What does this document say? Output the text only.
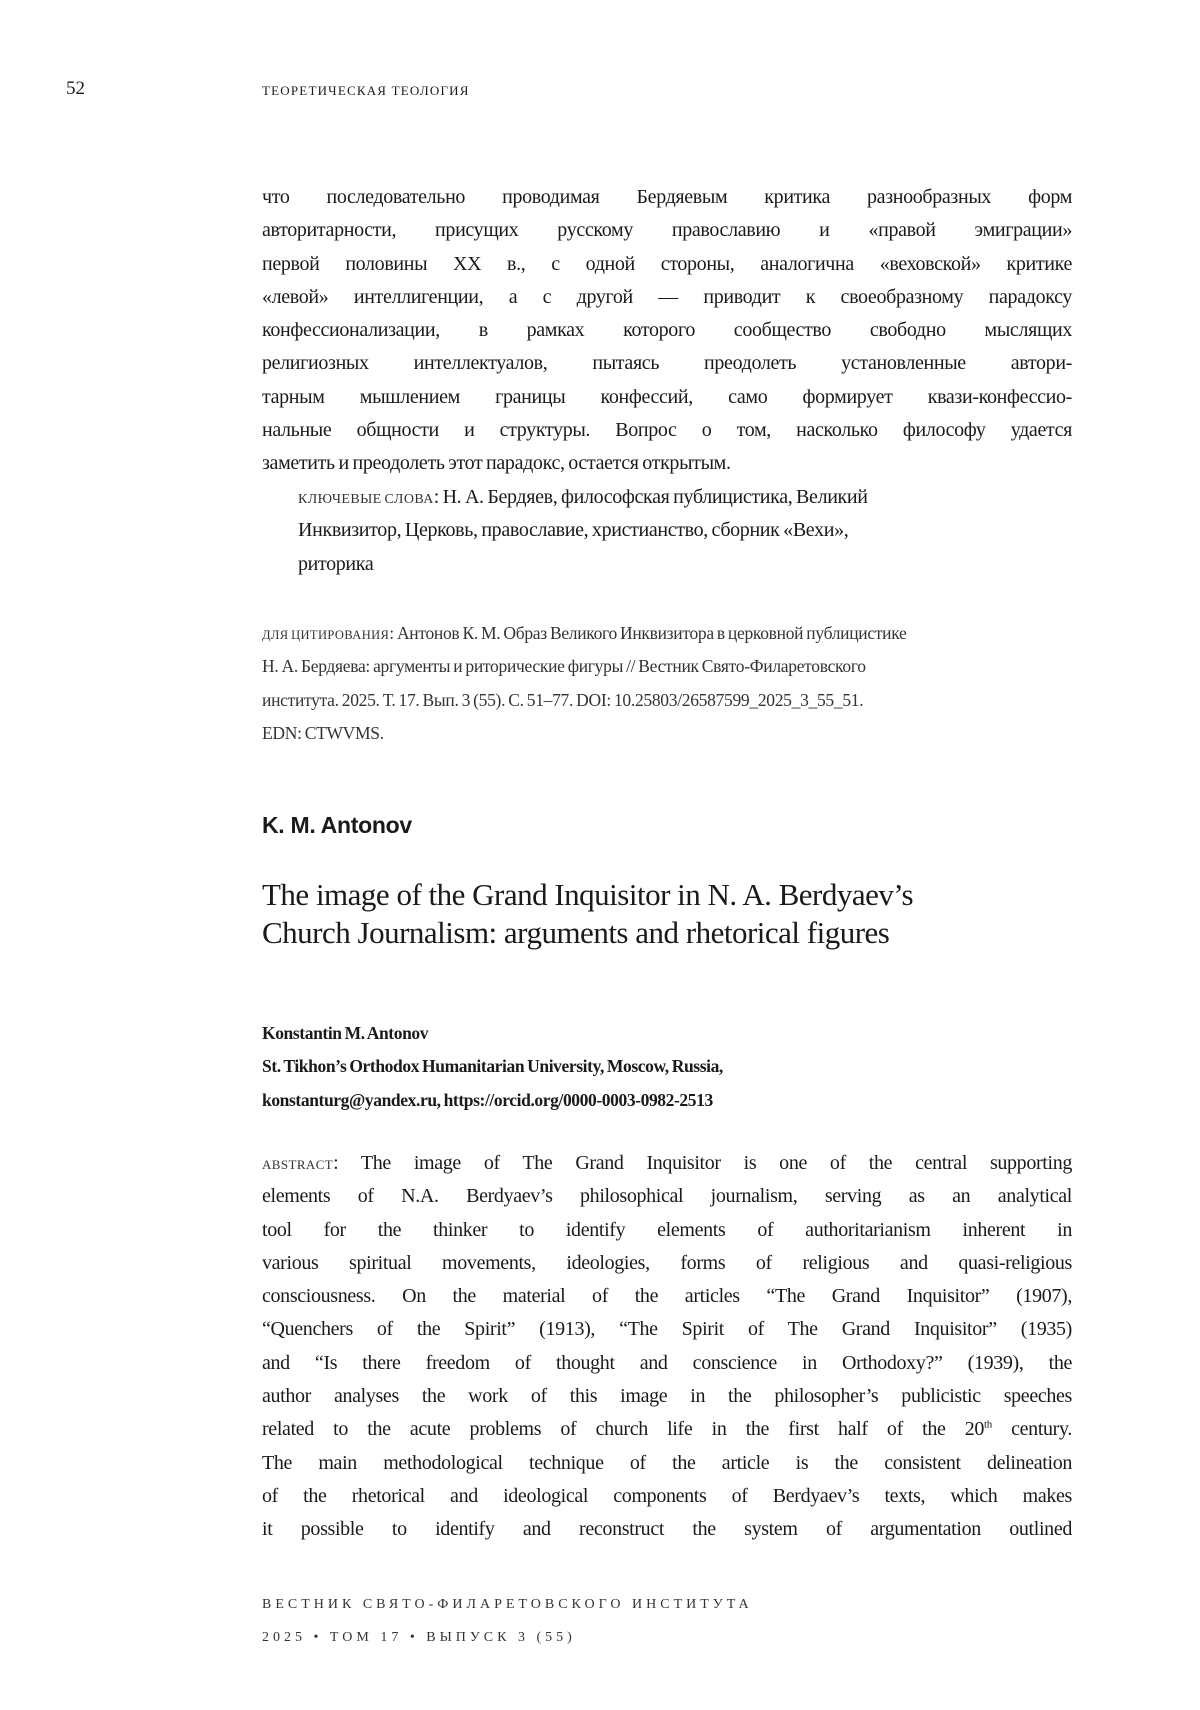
52	ТЕОРЕТИЧЕСКАЯ ТЕОЛОГИЯ
что последовательно проводимая Бердяевым критика разнообразных форм
авторитарности, присущих русскому православию и «правой эмиграции»
первой половины XX в., с одной стороны, аналогична «веховской» критике
«левой» интеллигенции, а с другой — приводит к своеобразному парадоксу
конфессионализации, в рамках которого сообщество свободно мыслящих
религиозных интеллектуалов, пытаясь преодолеть установленные автори-
тарным мышлением границы конфессий, само формирует квази-конфессио-
нальные общности и структуры. Вопрос о том, насколько философу удается
заметить и преодолеть этот парадокс, остается открытым.
КЛЮЧЕВЫЕ СЛОВА: Н. А. Бердяев, философская публицистика, Великий
Инквизитор, Церковь, православие, христианство, сборник «Вехи»,
риторика
ДЛЯ ЦИТИРОВАНИЯ: Антонов К. М. Образ Великого Инквизитора в церковной публицистике
Н. А. Бердяева: аргументы и риторические фигуры // Вестник Свято-Филаретовского
института. 2025. Т. 17. Вып. 3 (55). С. 51–77. DOI: 10.25803/26587599_2025_3_55_51.
EDN: CTWVMS.
K. M. Antonov
The image of the Grand Inquisitor in N. A. Berdyaev’s
Church Journalism: arguments and rhetorical figures
Konstantin M. Antonov
St. Tikhon’s Orthodox Humanitarian University, Moscow, Russia,
konstanturg@yandex.ru, https://orcid.org/0000-0003-0982-2513
ABSTRACT: The image of The Grand Inquisitor is one of the central supporting
elements of N.A. Berdyaev’s philosophical journalism, serving as an analytical
tool for the thinker to identify elements of authoritarianism inherent in
various spiritual movements, ideologies, forms of religious and quasi-religious
consciousness. On the material of the articles “The Grand Inquisitor” (1907),
“Quenchers of the Spirit” (1913), “The Spirit of The Grand Inquisitor” (1935)
and “Is there freedom of thought and conscience in Orthodoxy?” (1939), the
author analyses the work of this image in the philosopher’s publicistic speeches
related to the acute problems of church life in the first half of the 20th century.
The main methodological technique of the article is the consistent delineation
of the rhetorical and ideological components of Berdyaev’s texts, which makes
it possible to identify and reconstruct the system of argumentation outlined
ВЕСТНИК СВЯТО-ФИЛАРЕТОВСКОГО ИНСТИТУТА
2025 • ТОМ 17 • ВЫПУСК 3 (55)
